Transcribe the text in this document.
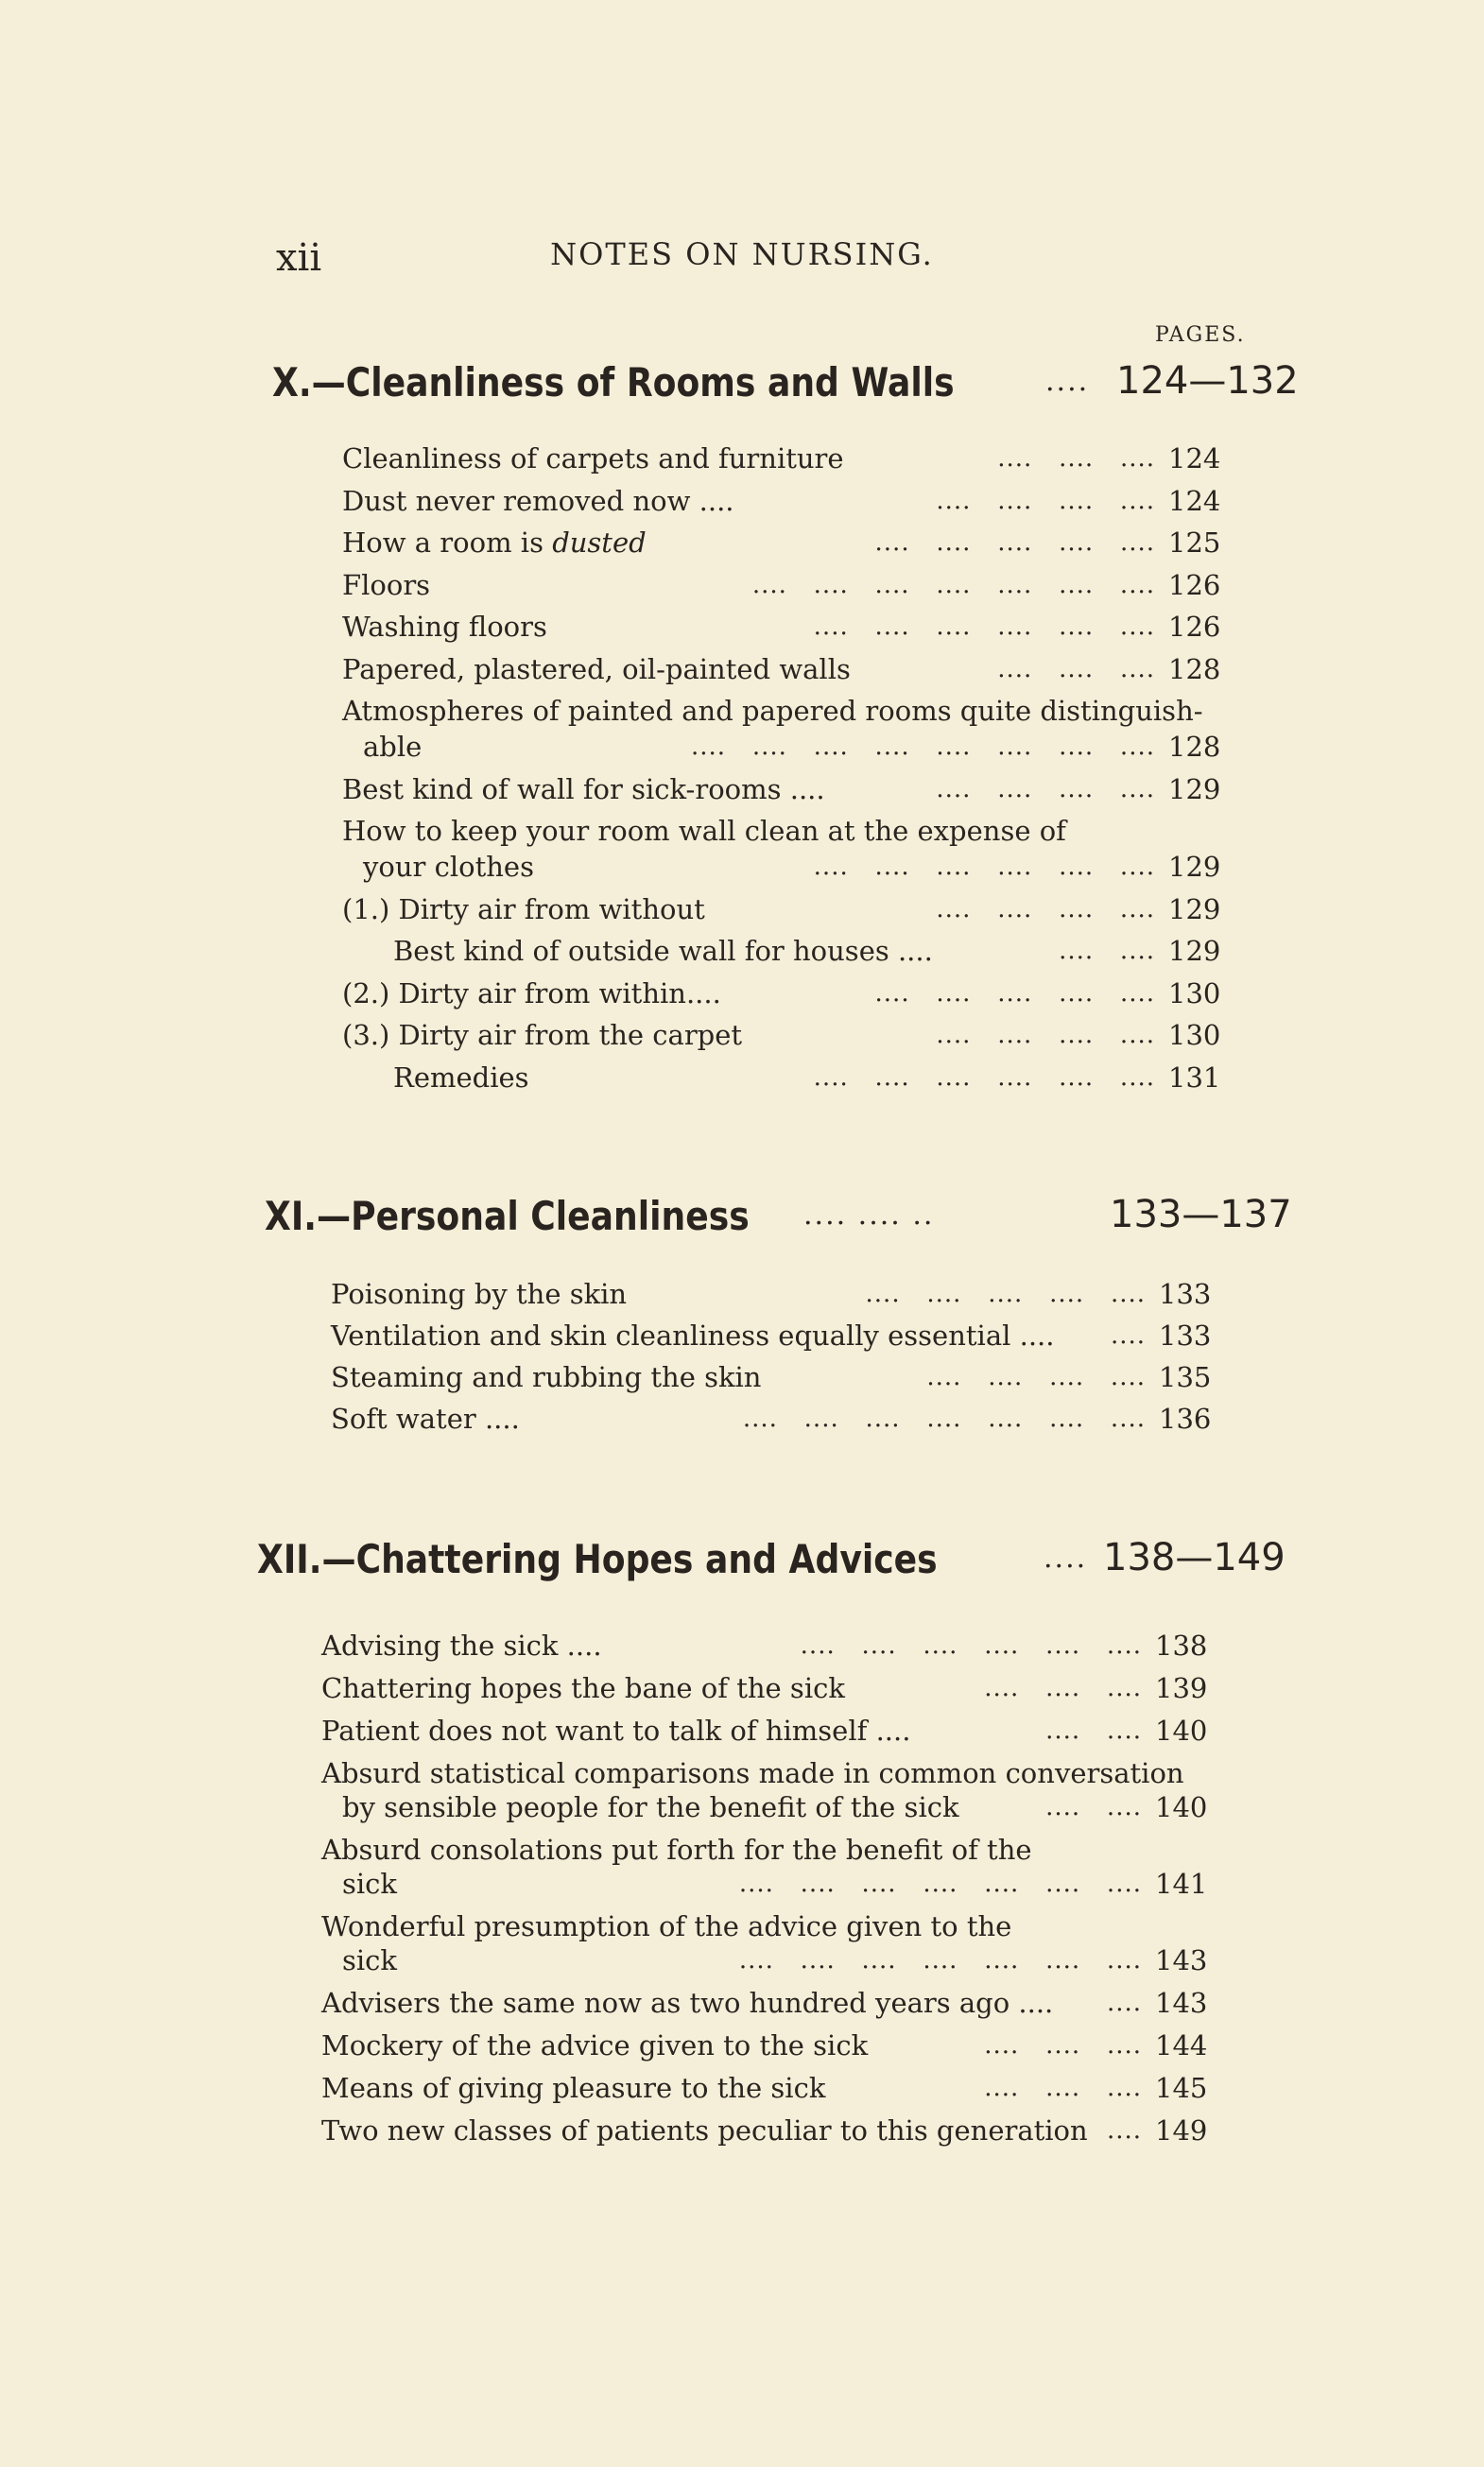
xii	NOTES ON NURSING.
PAGES.
X.—Cleanliness of Rooms and Walls	.... 124—132
Cleanliness of carpets and furniture	....   ....   .... 124
Dust never removed now ....	....   ....   ....   .... 124
How a room is dusted	....   ....   ....   ....   .... 125
Floors	....   ....   ....   ....   ....   ....   .... 126
Washing floors	....   ....   ....   ....   ....   .... 126
Papered, plastered, oil-painted walls	....   ....   .... 128
Atmospheres of painted and papered rooms quite distinguish-
able	....   ....   ....   ....   ....   ....   ....   .... 128
Best kind of wall for sick-rooms ....	....   ....   ....   .... 129
How to keep your room wall clean at the expense of
your clothes	....   ....   ....   ....   ....   .... 129
(1.) Dirty air from without	....   ....   ....   .... 129
Best kind of outside wall for houses ....	....   .... 129
(2.) Dirty air from within....	....   ....   ....   ....   .... 130
(3.) Dirty air from the carpet	....   ....   ....   .... 130
Remedies	....   ....   ....   ....   ....   .... 131
XI.—Personal Cleanliness .... .... ..	133—137
Poisoning by the skin	....   ....   ....   ....   .... 133
Ventilation and skin cleanliness equally essential ....	.... 133
Steaming and rubbing the skin	....   ....   ....   .... 135
Soft water ....	....   ....   ....   ....   ....   ....   .... 136
XII.—Chattering Hopes and Advices	.... 138—149
Advising the sick ....	....   ....   ....   ....   ....   .... 138
Chattering hopes the bane of the sick	....   ....   .... 139
Patient does not want to talk of himself ....	....   .... 140
Absurd statistical comparisons made in common conversation
by sensible people for the benefit of the sick	....   .... 140
Absurd consolations put forth for the benefit of the
sick	....   ....   ....   ....   ....   ....   .... 141
Wonderful presumption of the advice given to the
sick	....   ....   ....   ....   ....   ....   .... 143
Advisers the same now as two hundred years ago ....	.... 143
Mockery of the advice given to the sick	....   ....   .... 144
Means of giving pleasure to the sick	....   ....   .... 145
Two new classes of patients peculiar to this generation .... 149
